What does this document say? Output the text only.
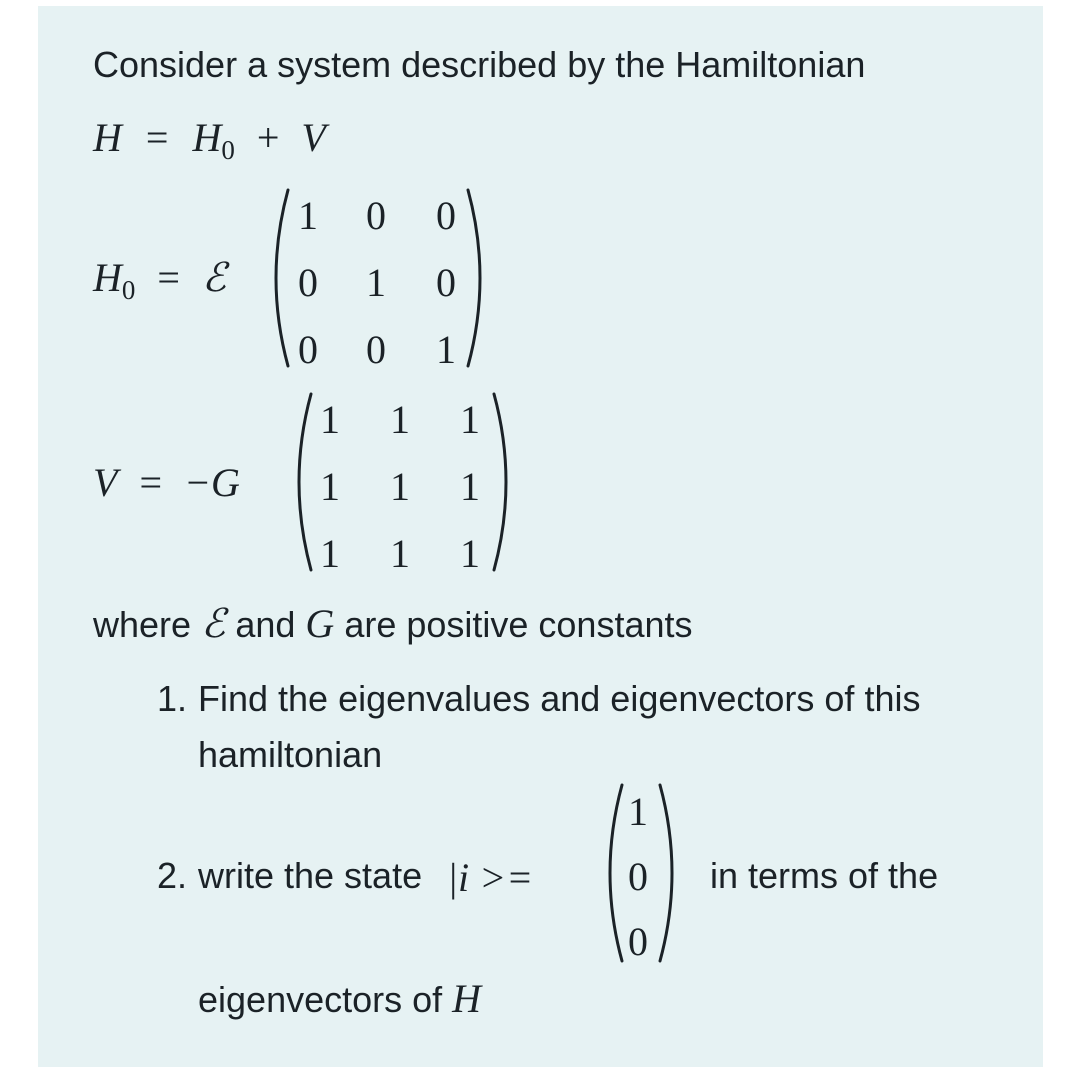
Consider a system described by the Hamiltonian
$H = H_0 + V$
$H_0$ = ℰ
1 0 0
0 1 0
0 0 1
V = −G
1 1 1
1 1 1
1 1 1
where ℰ and G are positive constants
1. Find the eigenvalues and eigenvectors of this
hamiltonian
2. write the state |i >=
1
0
0
in terms of the
eigenvectors of H
